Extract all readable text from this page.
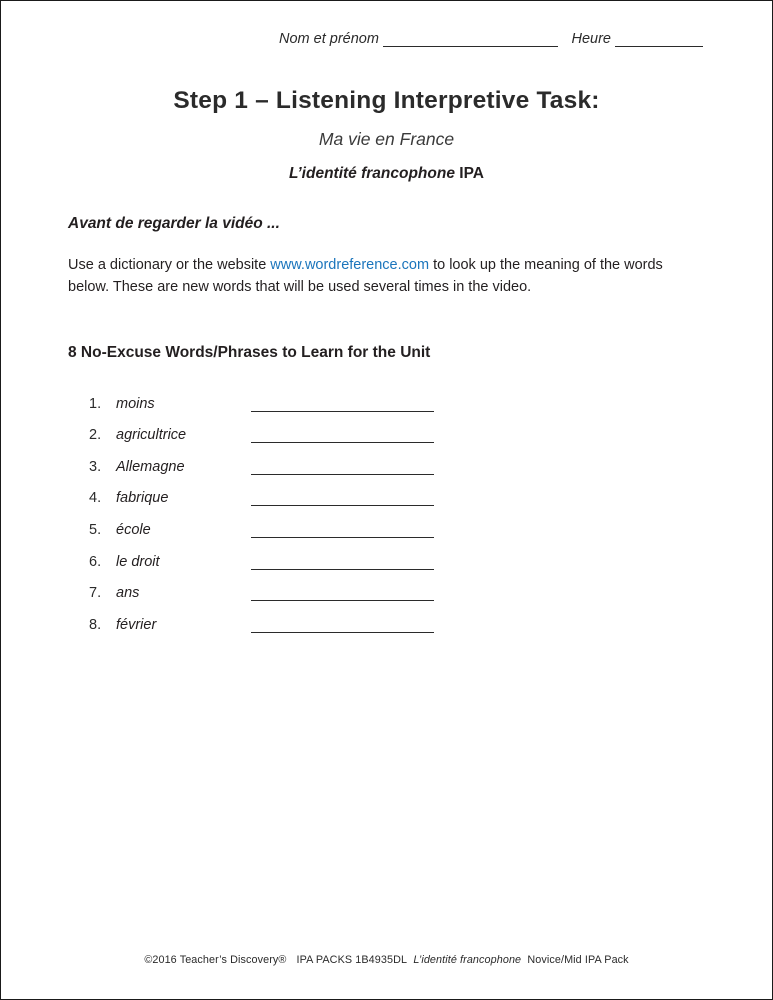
Nom et prénom	Heure
Step 1 – Listening Interpretive Task:
Ma vie en France
L’identité francophone IPA
Avant de regarder la vidéo ...

Use a dictionary or the website www.wordreference.com to look up the meaning of the words below. These are new words that will be used several times in the video.

8 No-Excuse Words/Phrases to Learn for the Unit
1.	moins
2.	agricultrice
3.	Allemagne
4.	fabrique
5.	école
6.	le droit
7.	ans
8.	février
©2016 Teacher’s Discovery® IPA PACKS 1B4935DL L’identité francophone Novice/Mid IPA Pack
